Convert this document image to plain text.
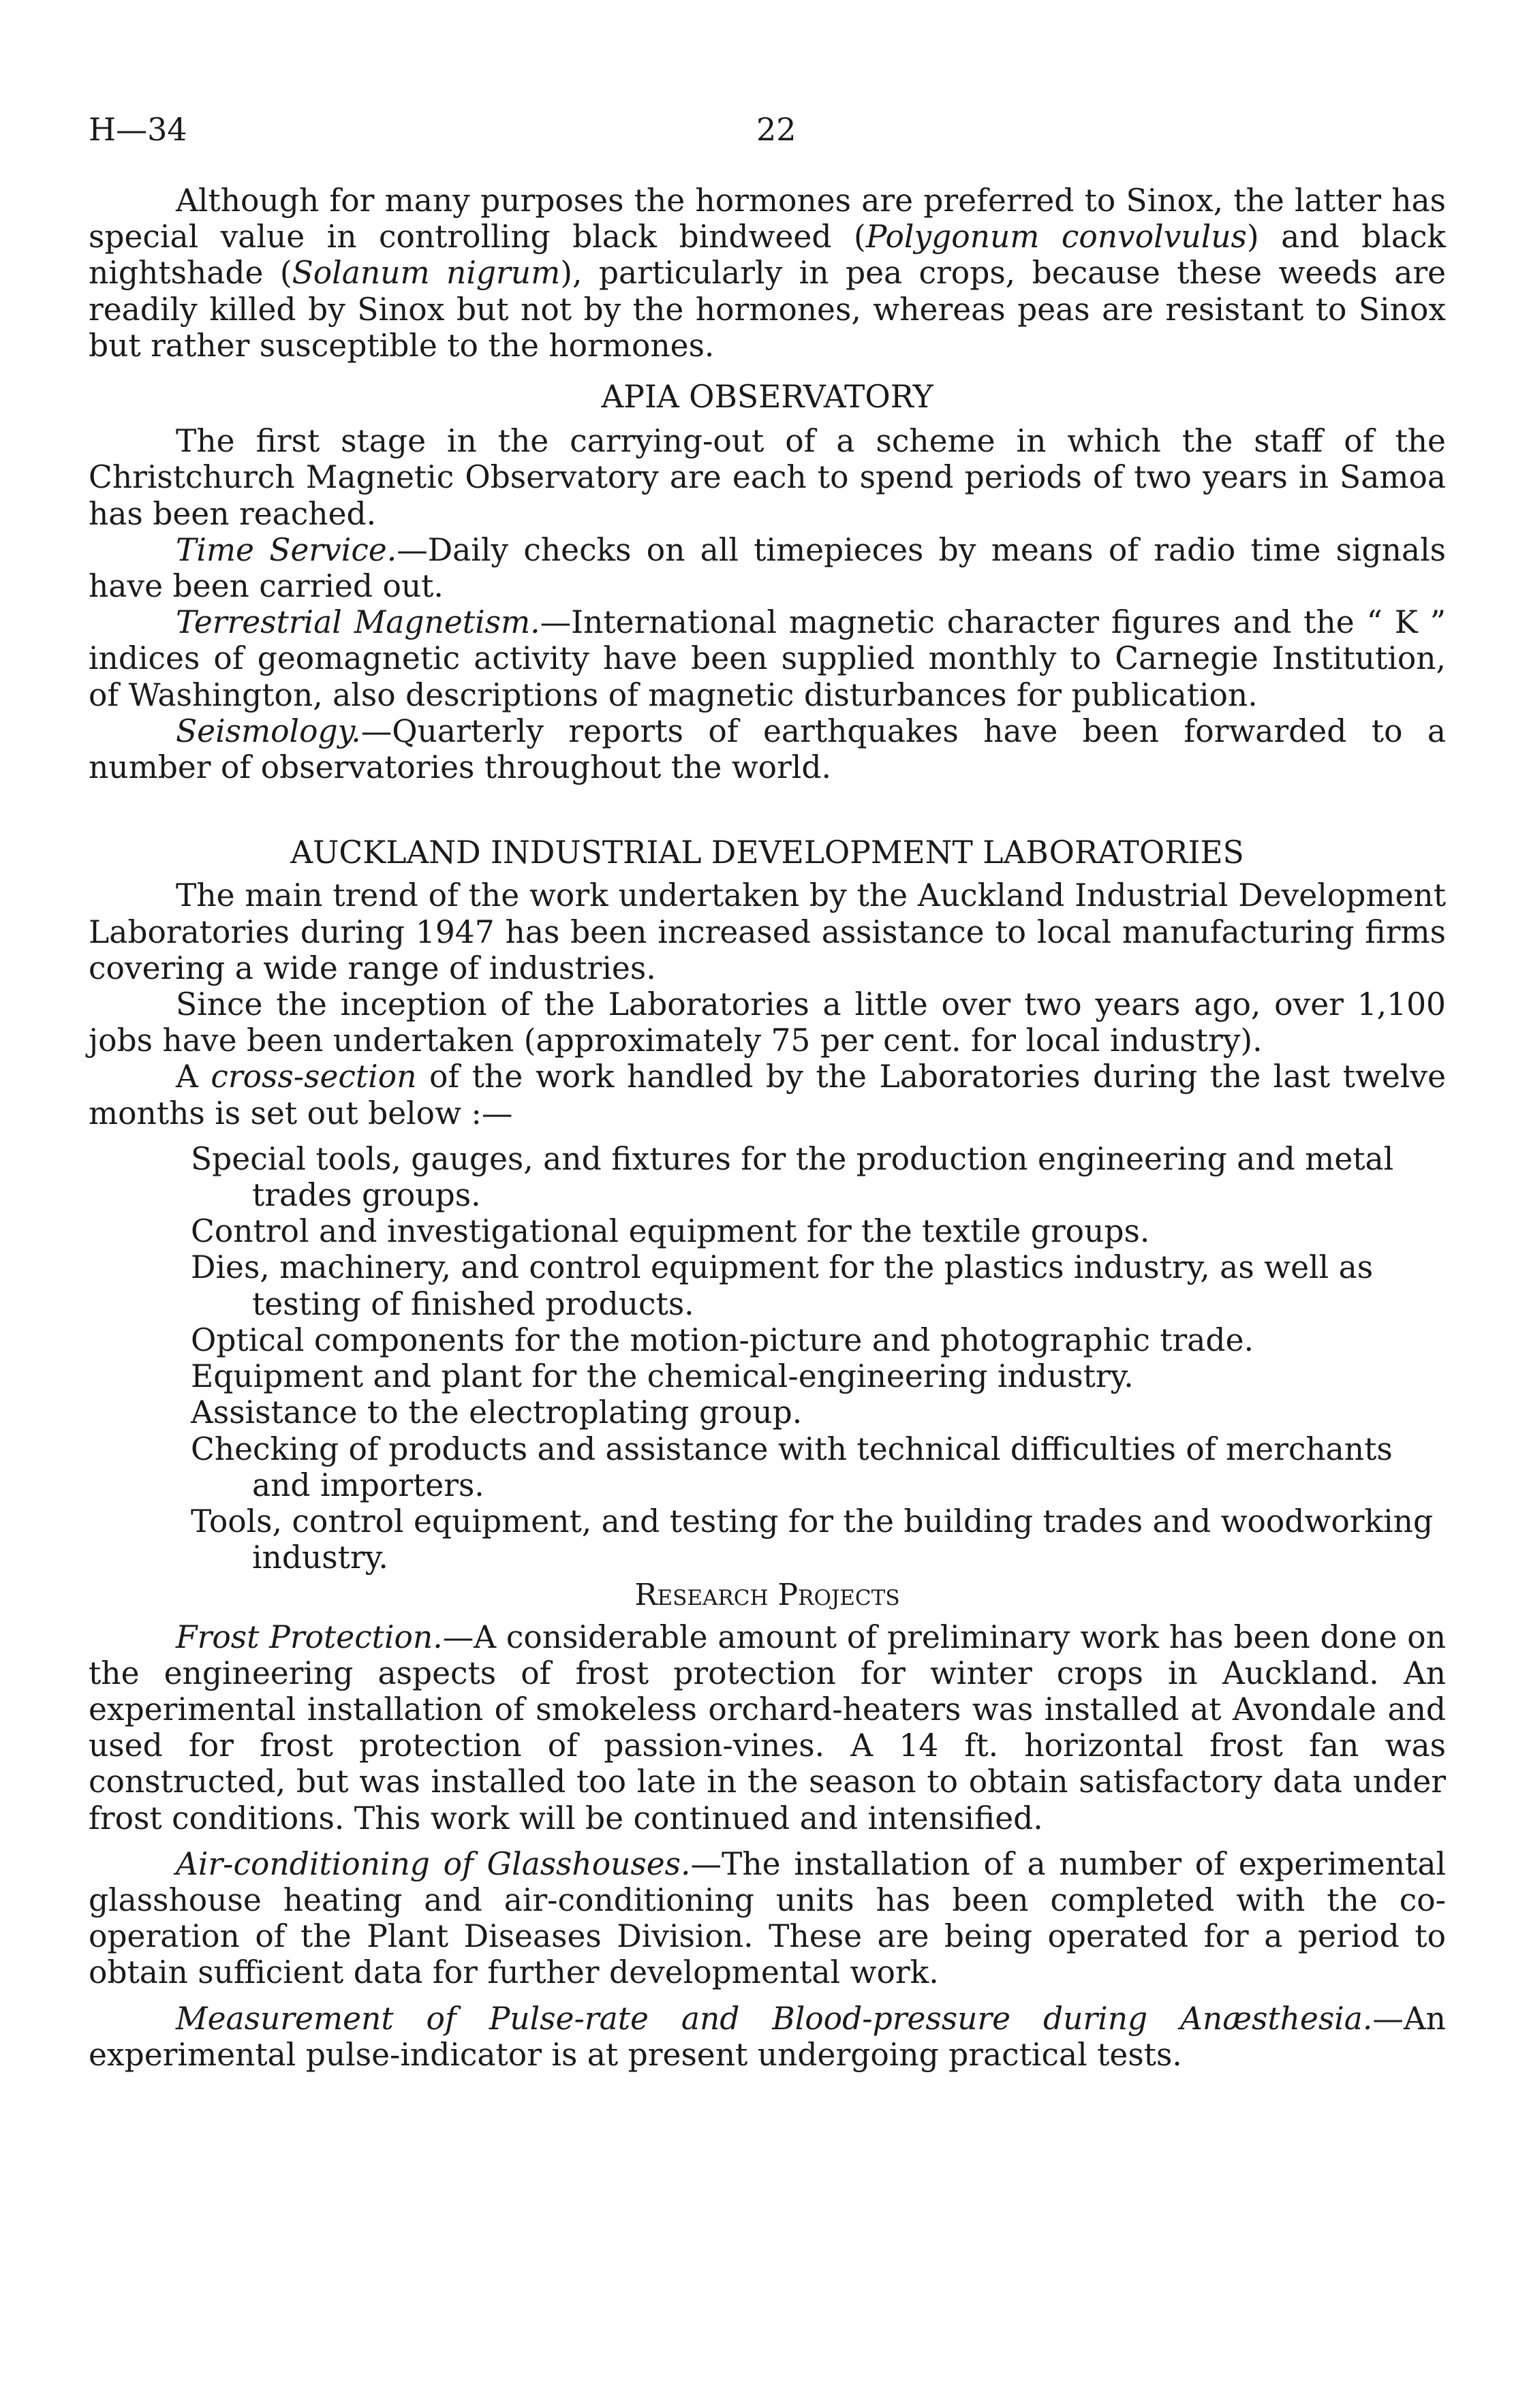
H—34	22

Although for many purposes the hormones are preferred to Sinox, the latter has special value in controlling black bindweed (Polygonum convolvulus) and black nightshade (Solanum nigrum), particularly in pea crops, because these weeds are readily killed by Sinox but not by the hormones, whereas peas are resistant to Sinox but rather susceptible to the hormones.

APIA OBSERVATORY

The first stage in the carrying-out of a scheme in which the staff of the Christchurch Magnetic Observatory are each to spend periods of two years in Samoa has been reached.

Time Service.—Daily checks on all timepieces by means of radio time signals have been carried out.

Terrestrial Magnetism.—International magnetic character figures and the “ K ” indices of geomagnetic activity have been supplied monthly to Carnegie Institution, of Washington, also descriptions of magnetic disturbances for publication.

Seismology.—Quarterly reports of earthquakes have been forwarded to a number of observatories throughout the world.

AUCKLAND INDUSTRIAL DEVELOPMENT LABORATORIES

The main trend of the work undertaken by the Auckland Industrial Development Laboratories during 1947 has been increased assistance to local manufacturing firms covering a wide range of industries.

Since the inception of the Laboratories a little over two years ago, over 1,100 jobs have been undertaken (approximately 75 per cent. for local industry).

A cross-section of the work handled by the Laboratories during the last twelve months is set out below :—

Special tools, gauges, and fixtures for the production engineering and metal trades groups.
Control and investigational equipment for the textile groups.
Dies, machinery, and control equipment for the plastics industry, as well as testing of finished products.
Optical components for the motion-picture and photographic trade.
Equipment and plant for the chemical-engineering industry.
Assistance to the electroplating group.
Checking of products and assistance with technical difficulties of merchants and importers.
Tools, control equipment, and testing for the building trades and woodworking industry.
Research Projects

Frost Protection.—A considerable amount of preliminary work has been done on the engineering aspects of frost protection for winter crops in Auckland. An experimental installation of smokeless orchard-heaters was installed at Avondale and used for frost protection of passion-vines. A 14 ft. horizontal frost fan was constructed, but was installed too late in the season to obtain satisfactory data under frost conditions. This work will be continued and intensified.

Air-conditioning of Glasshouses.—The installation of a number of experimental glasshouse heating and air-conditioning units has been completed with the co-operation of the Plant Diseases Division. These are being operated for a period to obtain sufficient data for further developmental work.

Measurement of Pulse-rate and Blood-pressure during Anæsthesia.—An experimental pulse-indicator is at present undergoing practical tests.
